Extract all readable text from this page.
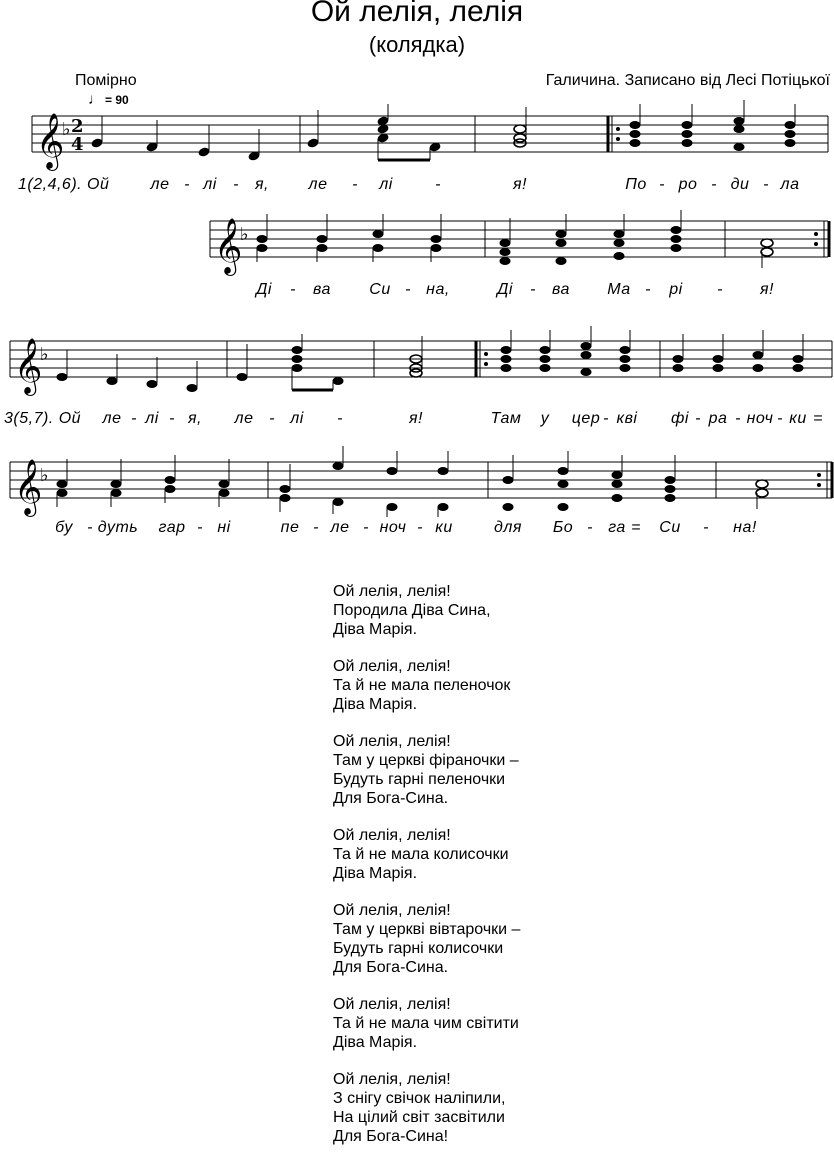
Ой лелія, лелія
(колядка)
Помірно
♩ = 90
Галичина. Записано від Лесі Потіцької
𝄞
♭ 2
4
𝄞
♭
𝄞
♭
𝄞
♭
1(2,4,6). Ой	ле - лі - я, ле - лі	-	я!	По - ро - ди - ла
Ді - ва Си - на,	Ді - ва Ма - рі - я!
3(5,7). Ой ле - лі - я, ле - лі -	я!	Там у цер - кві фі - ра - ноч - ки =
бу - дуть гар - ні	пе - ле - ноч - ки	для Бо - га = Си - на!
Ой лелія, лелія!
Породила Діва Сина,
Діва Марія.
Ой лелія, лелія!
Та й не мала пеленочок
Діва Марія.
Ой лелія, лелія!
Там у церкві фіраночки –
Будуть гарні пеленочки
Для Бога-Сина.
Ой лелія, лелія!
Та й не мала колисочки
Діва Марія.
Ой лелія, лелія!
Там у церкві вівтарочки –
Будуть гарні колисочки
Для Бога-Сина.
Ой лелія, лелія!
Та й не мала чим світити
Діва Марія.
Ой лелія, лелія!
З снігу свічок наліпили,
На цілий світ засвітили
Для Бога-Сина!
